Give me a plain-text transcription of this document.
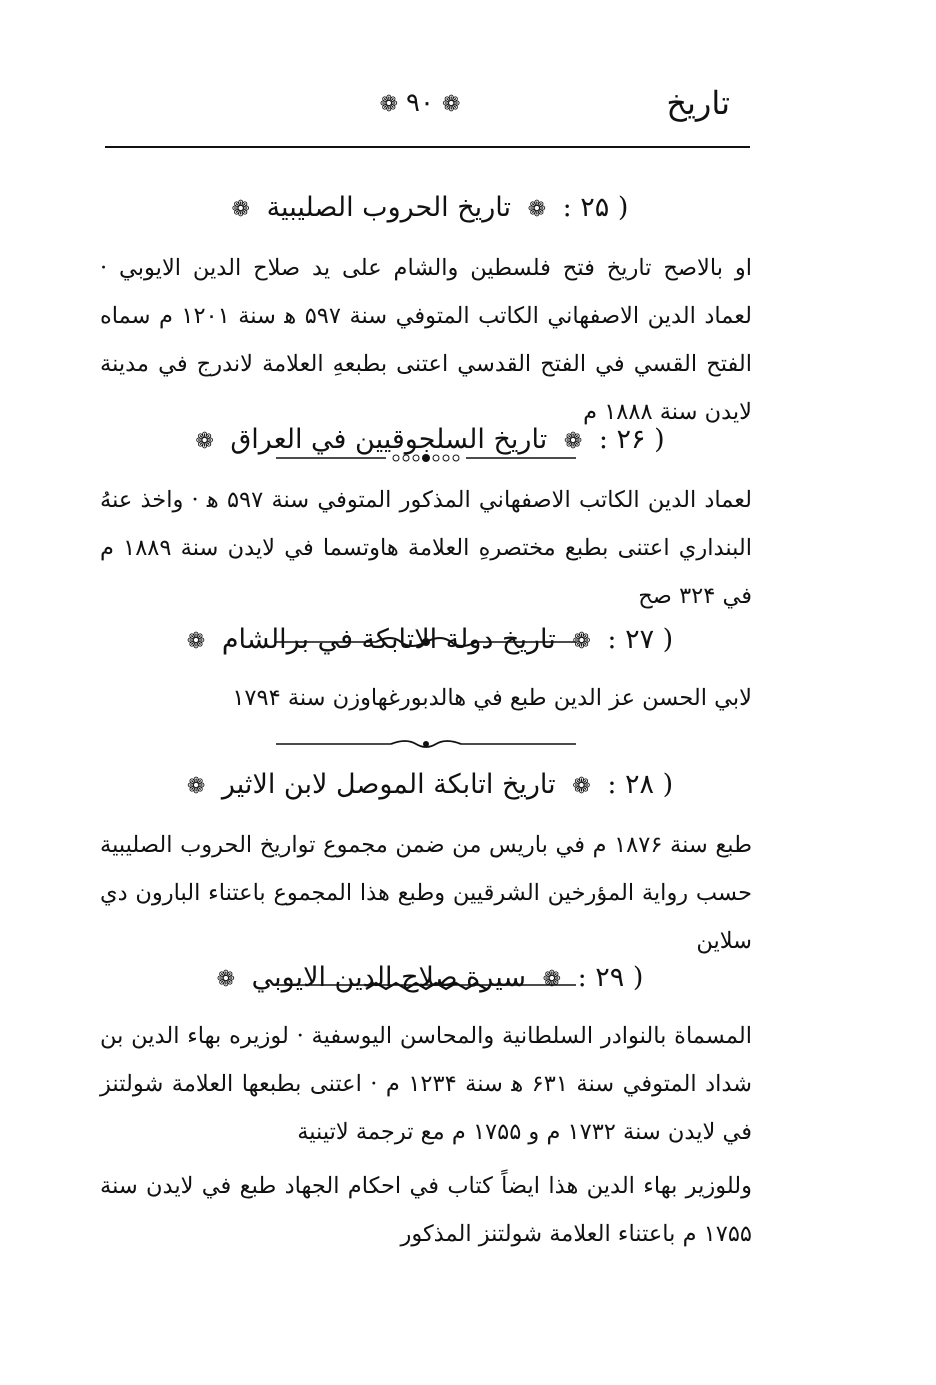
تاريخ
❁۹۰❁
( ۲۵ : ❁ تاريخ الحروب الصليبية ❁

او بالاصح تاريخ فتح فلسطين والشام على يد صلاح الدين الايوبي · لعماد الدين الاصفهاني الكاتب المتوفي سنة ۵۹۷ ﻫ سنة ۱۲۰۱ م سماه الفتح القسي في الفتح القدسي اعتنى بطبعهِ العلامة لاندرج في مدينة لايدن سنة ۱۸۸۸ م

( ۲۶ : ❁ تاريخ السلجوقيين في العراق ❁

لعماد الدين الكاتب الاصفهاني المذكور المتوفي سنة ۵۹۷ ﻫ · واخذ عنهُ البنداري اعتنى بطبع مختصرهِ العلامة هاوتسما في لايدن سنة ۱۸۸۹ م في ۳۲۴ صح

( ۲۷ : ❁ تاريخ دولة الاتابكة في برالشام ❁

لابي الحسن عز الدين طبع في هالدبورغهاوزن سنة ۱۷۹۴

( ۲۸ : ❁ تاريخ اتابكة الموصل لابن الاثير ❁

طبع سنة ۱۸۷۶ م في باريس من ضمن مجموع تواريخ الحروب الصليبية حسب رواية المؤرخين الشرقيين وطبع هذا المجموع باعتناء البارون دي سلاين

( ۲۹ : ❁ سيرة صلاح الدين الايوبي ❁

المسماة بالنوادر السلطانية والمحاسن اليوسفية · لوزيره بهاء الدين بن شداد المتوفي سنة ۶۳۱ ﻫ سنة ۱۲۳۴ م · اعتنى بطبعها العلامة شولتنز في لايدن سنة ۱۷۳۲ م و ۱۷۵۵ م مع ترجمة لاتينية

وللوزير بهاء الدين هذا ايضاً كتاب في احكام الجهاد طبع في لايدن سنة ۱۷۵۵ م باعتناء العلامة شولتنز المذكور
